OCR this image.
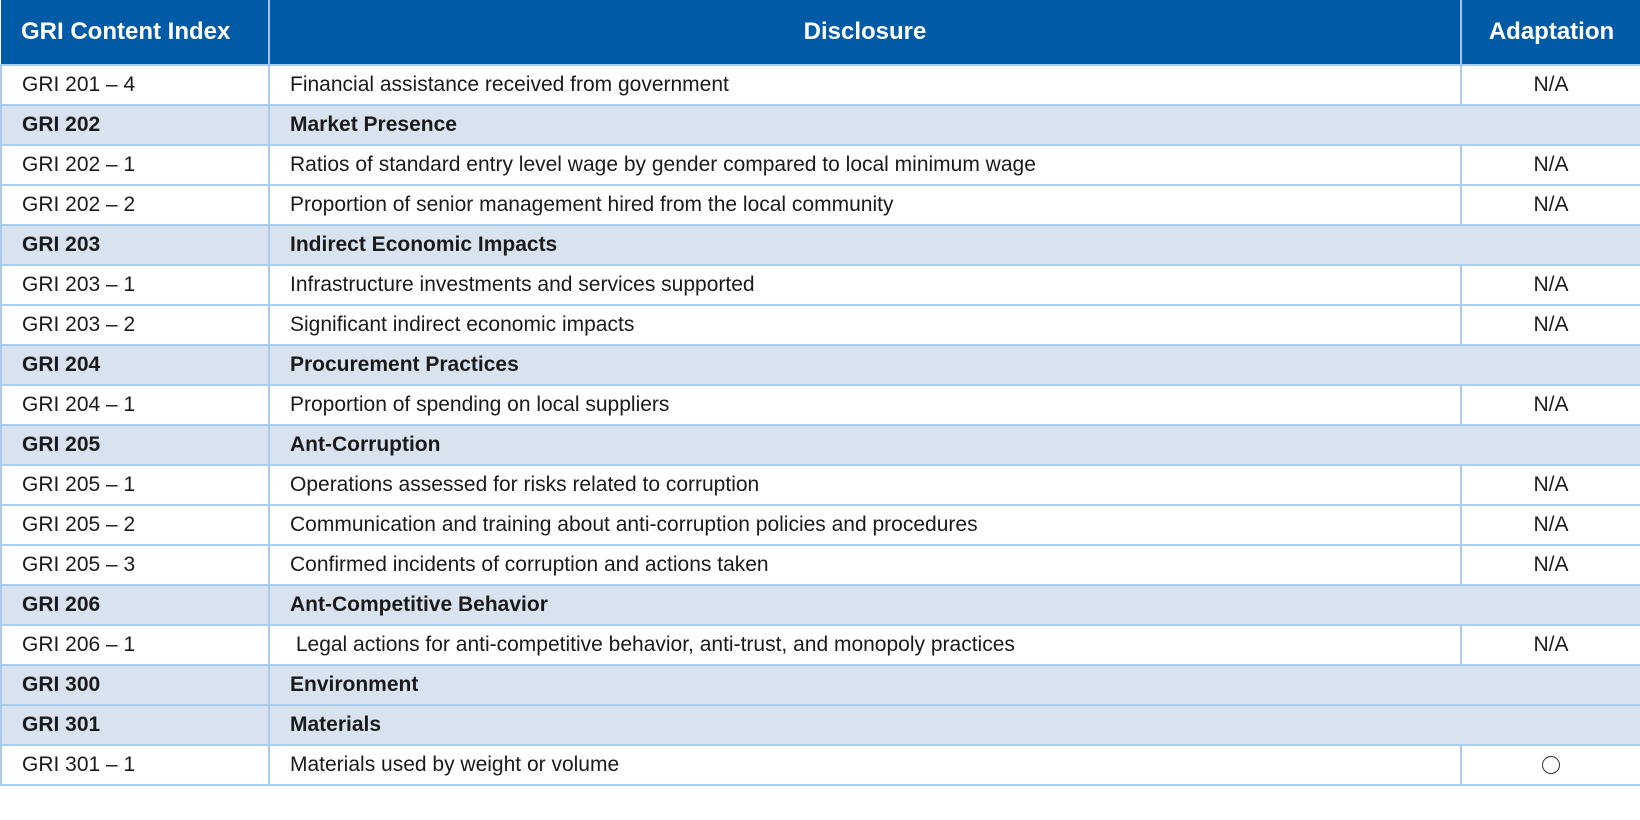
GRI Content Index	Disclosure	Adaptation
GRI 201 – 4	Financial assistance received from government	N/A
GRI 202	Market Presence	
GRI 202 – 1	Ratios of standard entry level wage by gender compared to local minimum wage	N/A
GRI 202 – 2	Proportion of senior management hired from the local community	N/A
GRI 203	Indirect Economic Impacts	
GRI 203 – 1	Infrastructure investments and services supported	N/A
GRI 203 – 2	Significant indirect economic impacts	N/A
GRI 204	Procurement Practices	
GRI 204 – 1	Proportion of spending on local suppliers	N/A
GRI 205	Ant-Corruption	
GRI 205 – 1	Operations assessed for risks related to corruption	N/A
GRI 205 – 2	Communication and training about anti-corruption policies and procedures	N/A
GRI 205 – 3	Confirmed incidents of corruption and actions taken	N/A
GRI 206	Ant-Competitive Behavior	
GRI 206 – 1	Legal actions for anti-competitive behavior, anti-trust, and monopoly practices	N/A
GRI 300	Environment	
GRI 301	Materials	
GRI 301 – 1	Materials used by weight or volume	
